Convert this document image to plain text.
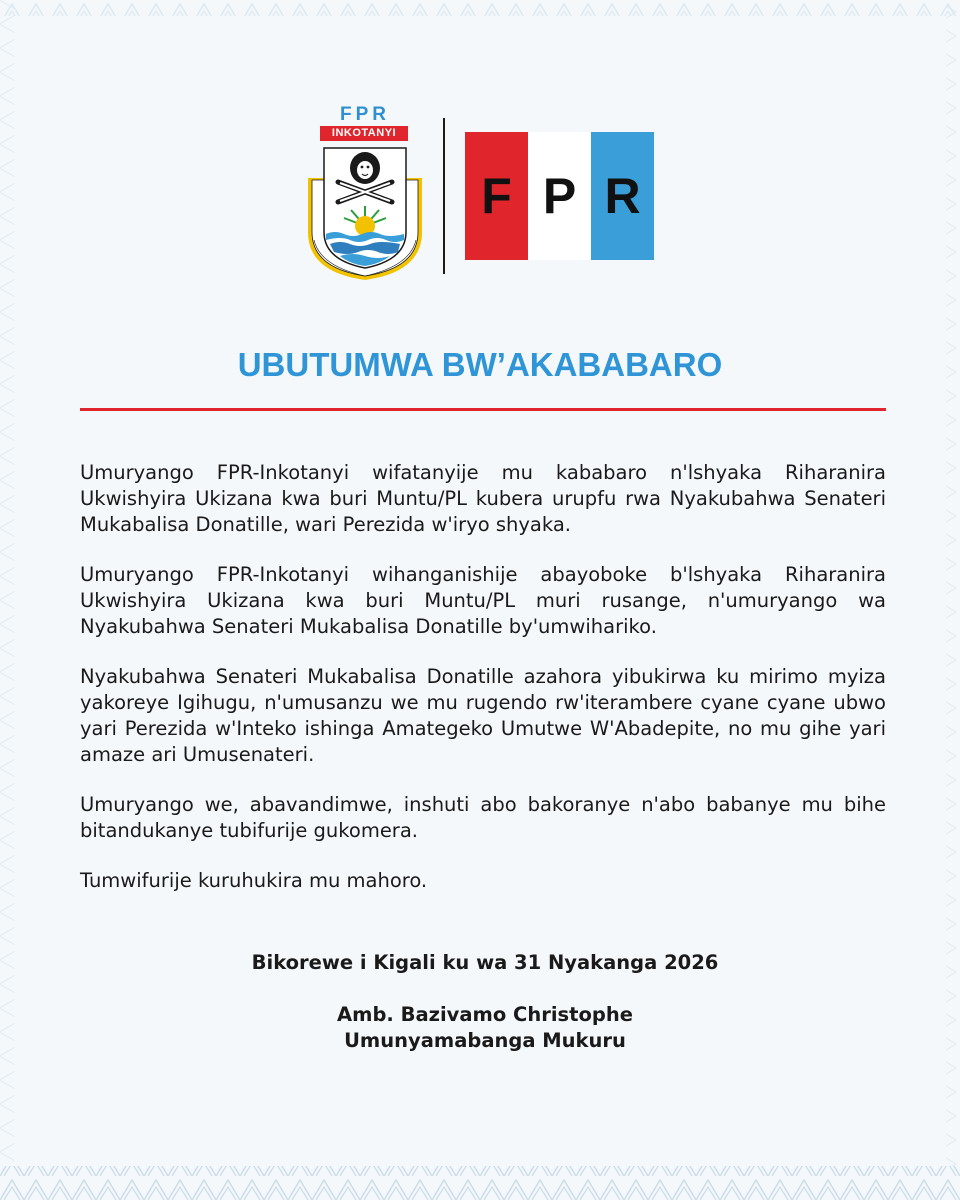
FPR
INKOTANYI
F P R
UBUTUMWA BW’AKABABARO

Umuryango FPR-Inkotanyi wifatanyije mu kababaro n'lshyaka Riharanira Ukwishyira Ukizana kwa buri Muntu/PL kubera urupfu rwa Nyakubahwa Senateri Mukabalisa Donatille, wari Perezida w'iryo shyaka.

Umuryango FPR-Inkotanyi wihanganishije abayoboke b'lshyaka Riharanira Ukwishyira Ukizana kwa buri Muntu/PL muri rusange, n'umuryango wa Nyakubahwa Senateri Mukabalisa Donatille by'umwihariko.

Nyakubahwa Senateri Mukabalisa Donatille azahora yibukirwa ku mirimo myiza yakoreye Igihugu, n'umusanzu we mu rugendo rw'iterambere cyane cyane ubwo yari Perezida w'Inteko ishinga Amategeko Umutwe W'Abadepite, no mu gihe yari amaze ari Umusenateri.

Umuryango we, abavandimwe, inshuti abo bakoranye n'abo babanye mu bihe bitandukanye tubifurije gukomera.

Tumwifurije kuruhukira mu mahoro.

Bikorewe i Kigali ku wa 31 Nyakanga 2026
Amb. Bazivamo Christophe
Umunyamabanga Mukuru
